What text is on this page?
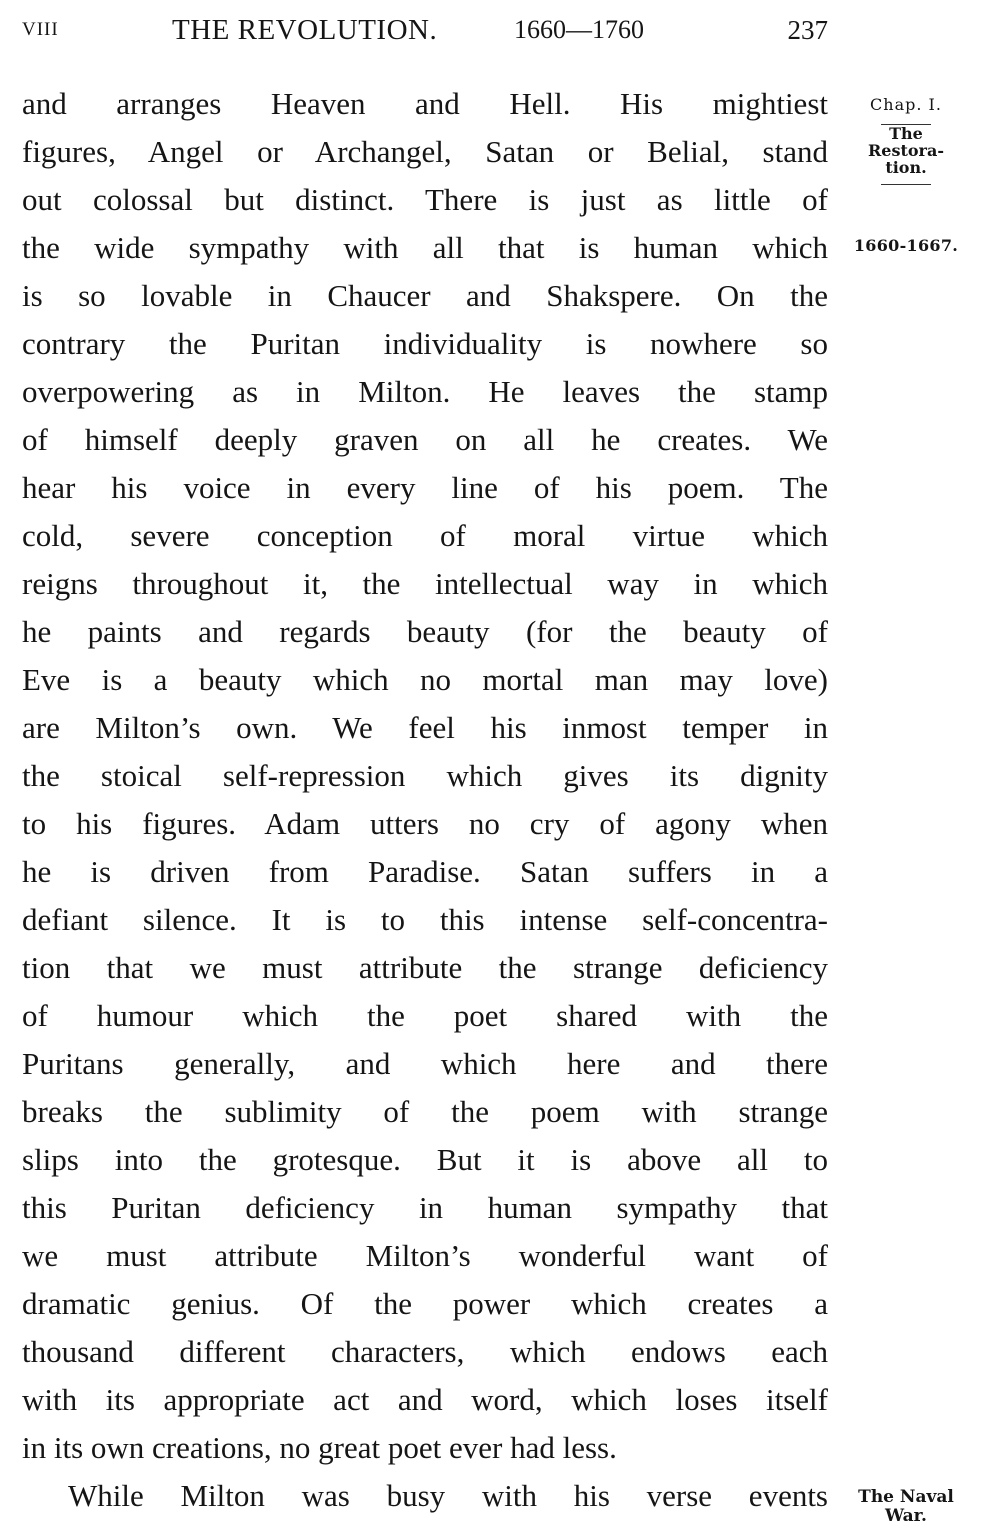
VIII	THE REVOLUTION.	1660—1760	237
and arranges Heaven and Hell. His mightiest
figures, Angel or Archangel, Satan or Belial, stand
out colossal but distinct. There is just as little of
the wide sympathy with all that is human which
is so lovable in Chaucer and Shakspere. On the
contrary the Puritan individuality is nowhere so
overpowering as in Milton. He leaves the stamp
of himself deeply graven on all he creates. We
hear his voice in every line of his poem. The
cold, severe conception of moral virtue which
reigns throughout it, the intellectual way in which
he paints and regards beauty (for the beauty of
Eve is a beauty which no mortal man may love)
are Milton’s own. We feel his inmost temper in
the stoical self-repression which gives its dignity
to his figures. Adam utters no cry of agony when
he is driven from Paradise. Satan suffers in a
defiant silence. It is to this intense self-concentra-
tion that we must attribute the strange deficiency
of humour which the poet shared with the
Puritans generally, and which here and there
breaks the sublimity of the poem with strange
slips into the grotesque. But it is above all to
this Puritan deficiency in human sympathy that
we must attribute Milton’s wonderful want of
dramatic genius. Of the power which creates a
thousand different characters, which endows each
with its appropriate act and word, which loses itself
in its own creations, no great poet ever had less.
While Milton was busy with his verse events
Chap. I.
The
Restora-
tion.
1660-1667.
The Naval
War.
